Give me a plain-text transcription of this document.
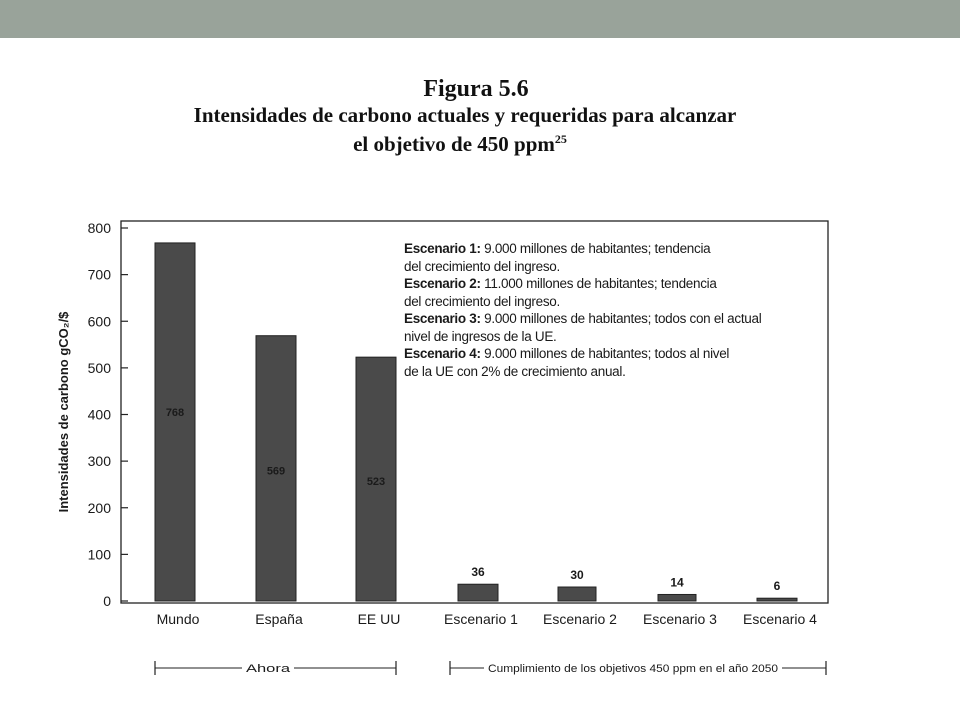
Figura 5.6
Intensidades de carbono actuales y requeridas para alcanzar
el objetivo de 450 ppm$^{25}$
0
100
200
300
400
500
600
700
800
768
569
523
36	30
14	6
Mundo	España	EE UU	Escenario 1 Escenario 2 Escenario 3 Escenario 4
Ahora	Cumplimiento de los objetivos 450 ppm en el año 2050
Intensidades de carbono gCO₂/$
Escenario 1: 9.000 millones de habitantes; tendencia
del crecimiento del ingreso.
Escenario 2: 11.000 millones de habitantes; tendencia
del crecimiento del ingreso.
Escenario 3: 9.000 millones de habitantes; todos con el actual
nivel de ingresos de la UE.
Escenario 4: 9.000 millones de habitantes; todos al nivel
de la UE con 2% de crecimiento anual.
